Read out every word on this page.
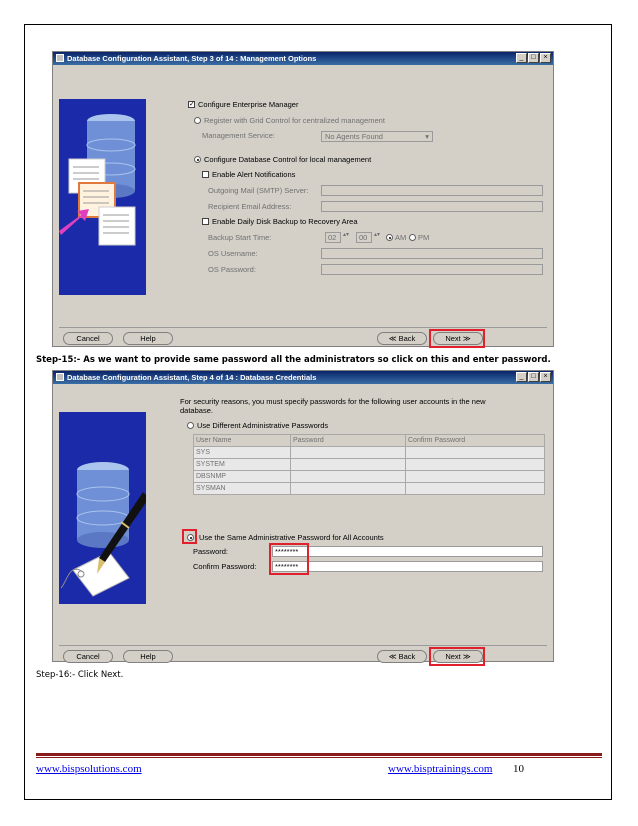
Database Configuration Assistant, Step 3 of 14 : Management Options	_	□	×
✓ Configure Enterprise Manager
Register with Grid Control for centralized management
Management Service:	No Agents Found	▾
Configure Database Control for local management
Enable Alert Notifications
Outgoing Mail (SMTP) Server:
Recipient Email Address:
Enable Daily Disk Backup to Recovery Area
Backup Start Time:	02 ▴▾ 00 ▴▾ AM PM
OS Username:
OS Password:
Cancel	Help	≪ Back	Next ≫
Step-15:- As we want to provide same password all the administrators so click on this and enter password.
Database Configuration Assistant, Step 4 of 14 : Database Credentials	_	□	×
For security reasons, you must specify passwords for the following user accounts in the new
database.
Use Different Administrative Passwords
User Name	Password	Confirm Password
SYS		
SYSTEM		
DBSNMP		
SYSMAN		
Use the Same Administrative Password for All Accounts
Password:	********
Confirm Password: ********
Cancel	Help	≪ Back	Next ≫
Step-16:- Click Next.
www.bispsolutions.com	www.bisptrainings.com 10
